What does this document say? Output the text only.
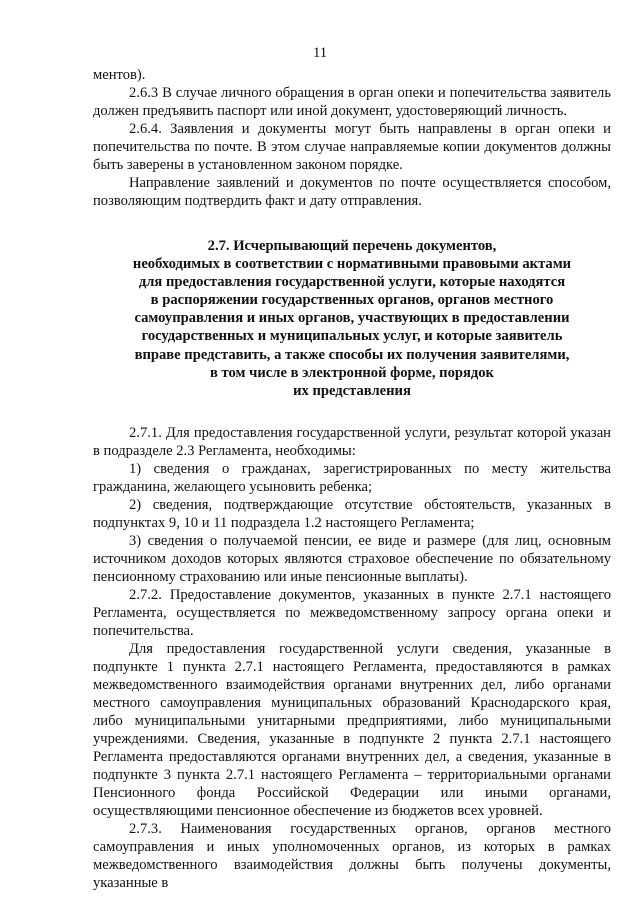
11

ментов).

2.6.3 В случае личного обращения в орган опеки и попечительства заявитель должен предъявить паспорт или иной документ, удостоверяющий личность.

2.6.4. Заявления и документы могут быть направлены в орган опеки и попечительства по почте. В этом случае направляемые копии документов должны быть заверены в установленном законом порядке.

Направление заявлений и документов по почте осуществляется способом, позволяющим подтвердить факт и дату отправления.

2.7. Исчерпывающий перечень документов,
необходимых в соответствии с нормативными правовыми актами
для предоставления государственной услуги, которые находятся
в распоряжении государственных органов, органов местного
самоуправления и иных органов, участвующих в предоставлении
государственных и муниципальных услуг, и которые заявитель
вправе представить, а также способы их получения заявителями,
в том числе в электронной форме, порядок
их представления

2.7.1. Для предоставления государственной услуги, результат которой указан в подразделе 2.3 Регламента, необходимы:

1) сведения о гражданах, зарегистрированных по месту жительства гражданина, желающего усыновить ребенка;

2) сведения, подтверждающие отсутствие обстоятельств, указанных в подпунктах 9, 10 и 11 подраздела 1.2 настоящего Регламента;

3) сведения о получаемой пенсии, ее виде и размере (для лиц, основным источником доходов которых являются страховое обеспечение по обязательному пенсионному страхованию или иные пенсионные выплаты).

2.7.2. Предоставление документов, указанных в пункте 2.7.1 настоящего Регламента, осуществляется по межведомственному запросу органа опеки и попечительства.

Для предоставления государственной услуги сведения, указанные в подпункте 1 пункта 2.7.1 настоящего Регламента, предоставляются в рамках межведомственного взаимодействия органами внутренних дел, либо органами местного самоуправления муниципальных образований Краснодарского края, либо муниципальными унитарными предприятиями, либо муниципальными учреждениями. Сведения, указанные в подпункте 2 пункта 2.7.1 настоящего Регламента предоставляются органами внутренних дел, а сведения, указанные в подпункте 3 пункта 2.7.1 настоящего Регламента – территориальными органами Пенсионного фонда Российской Федерации или иными органами, осуществляющими пенсионное обеспечение из бюджетов всех уровней.

2.7.3. Наименования государственных органов, органов местного самоуправления и иных уполномоченных органов, из которых в рамках межведомственного взаимодействия должны быть получены документы, указанные в
